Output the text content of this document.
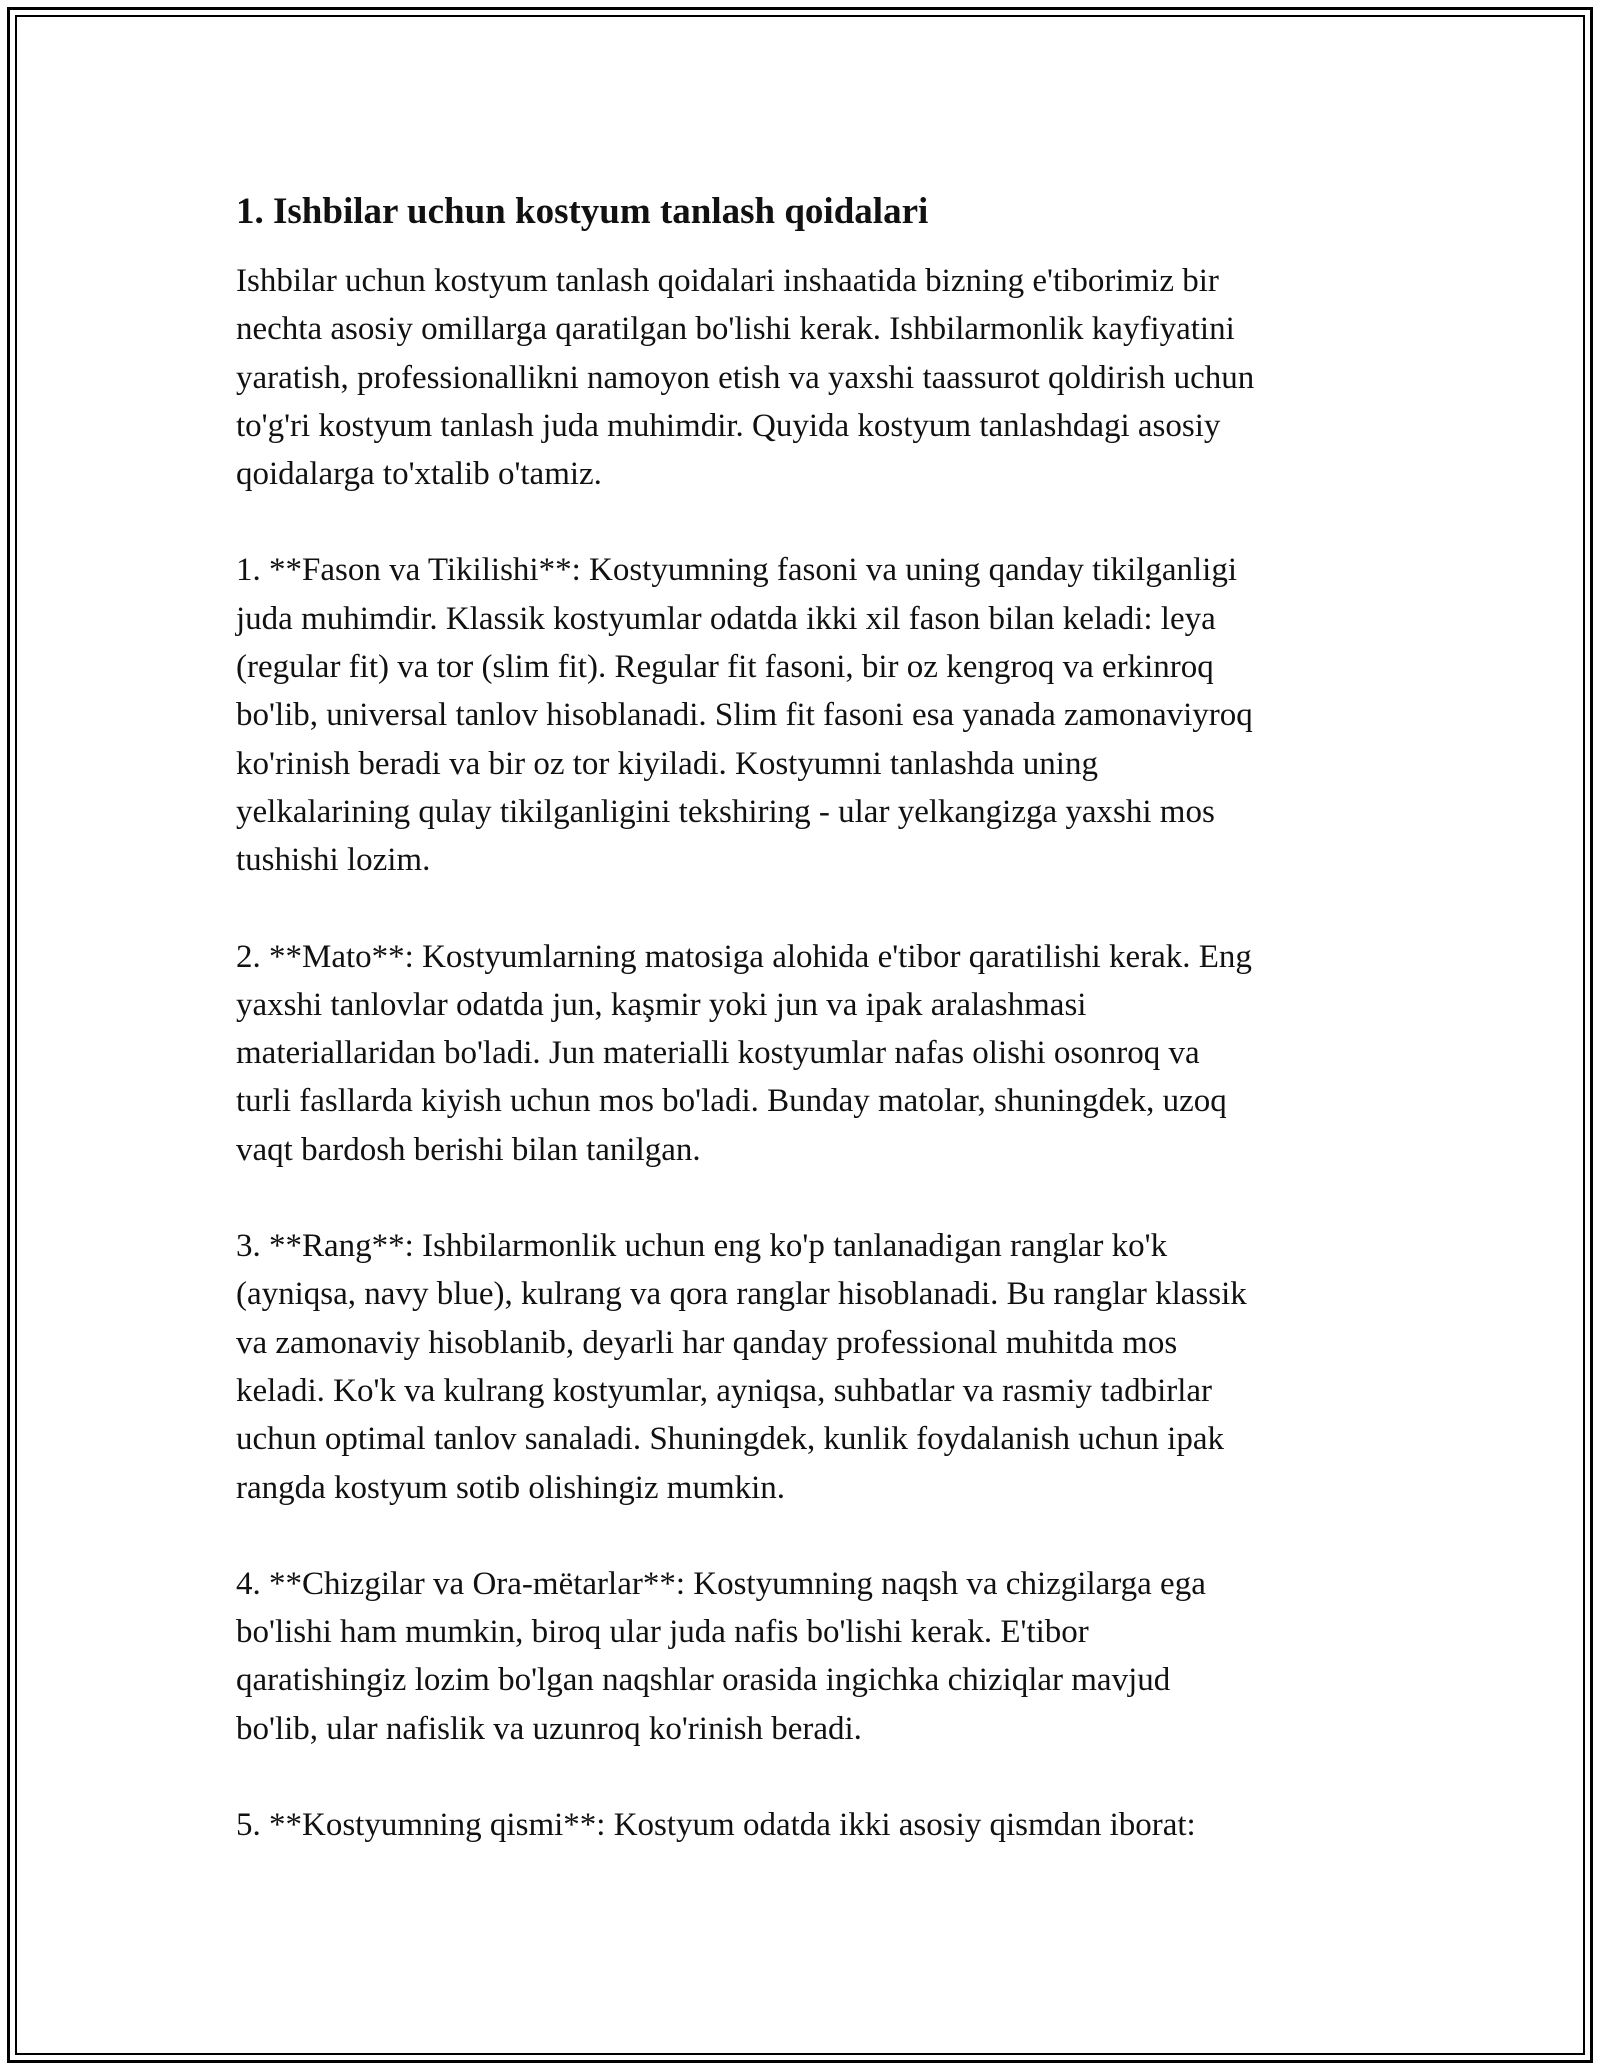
1. Ishbilar uchun kostyum tanlash qoidalari

Ishbilar uchun kostyum tanlash qoidalari inshaatida bizning e'tiborimiz bir
nechta asosiy omillarga qaratilgan bo'lishi kerak. Ishbilarmonlik kayfiyatini
yaratish, professionallikni namoyon etish va yaxshi taassurot qoldirish uchun
to'g'ri kostyum tanlash juda muhimdir. Quyida kostyum tanlashdagi asosiy
qoidalarga to'xtalib o'tamiz.

1. **Fason va Tikilishi**: Kostyumning fasoni va uning qanday tikilganligi
juda muhimdir. Klassik kostyumlar odatda ikki xil fason bilan keladi: leya
(regular fit) va tor (slim fit). Regular fit fasoni, bir oz kengroq va erkinroq
bo'lib, universal tanlov hisoblanadi. Slim fit fasoni esa yanada zamonaviyroq
ko'rinish beradi va bir oz tor kiyiladi. Kostyumni tanlashda uning
yelkalarining qulay tikilganligini tekshiring - ular yelkangizga yaxshi mos
tushishi lozim.

2. **Mato**: Kostyumlarning matosiga alohida e'tibor qaratilishi kerak. Eng
yaxshi tanlovlar odatda jun, kaşmir yoki jun va ipak aralashmasi
materiallaridan bo'ladi. Jun materialli kostyumlar nafas olishi osonroq va
turli fasllarda kiyish uchun mos bo'ladi. Bunday matolar, shuningdek, uzoq
vaqt bardosh berishi bilan tanilgan.

3. **Rang**: Ishbilarmonlik uchun eng ko'p tanlanadigan ranglar ko'k
(ayniqsa, navy blue), kulrang va qora ranglar hisoblanadi. Bu ranglar klassik
va zamonaviy hisoblanib, deyarli har qanday professional muhitda mos
keladi. Ko'k va kulrang kostyumlar, ayniqsa, suhbatlar va rasmiy tadbirlar
uchun optimal tanlov sanaladi. Shuningdek, kunlik foydalanish uchun ipak
rangda kostyum sotib olishingiz mumkin.

4. **Chizgilar va Ora-mëtarlar**: Kostyumning naqsh va chizgilarga ega
bo'lishi ham mumkin, biroq ular juda nafis bo'lishi kerak. E'tibor
qaratishingiz lozim bo'lgan naqshlar orasida ingichka chiziqlar mavjud
bo'lib, ular nafislik va uzunroq ko'rinish beradi.

5. **Kostyumning qismi**: Kostyum odatda ikki asosiy qismdan iborat:
